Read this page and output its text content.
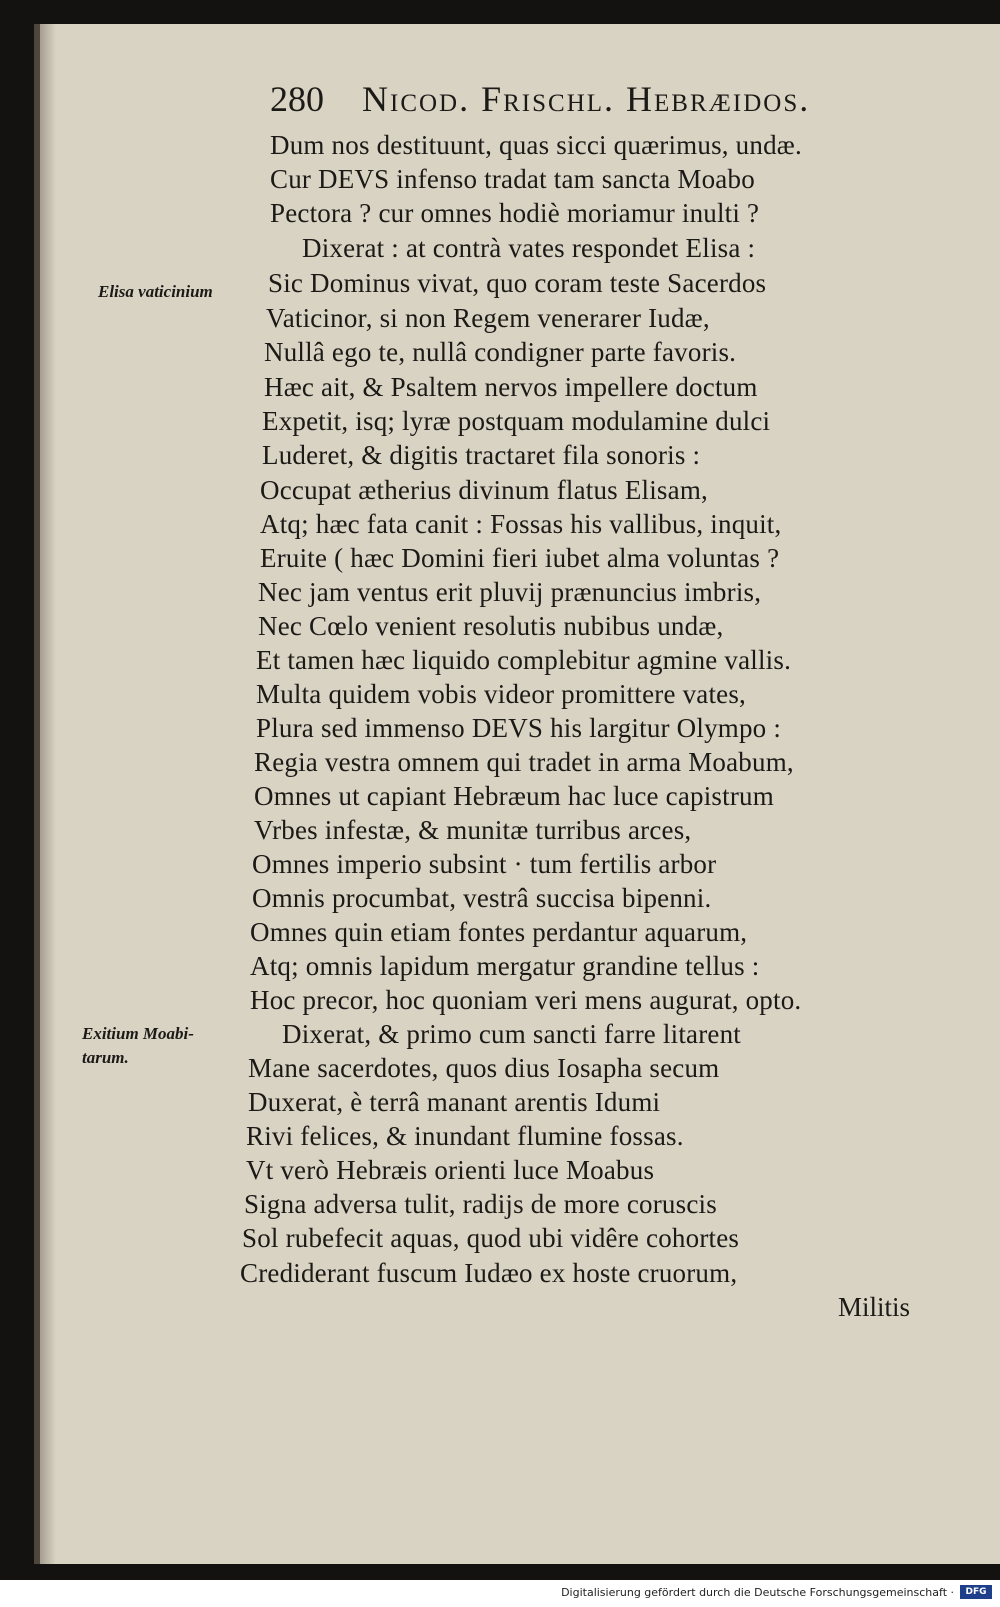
280 Nicod. Frischl. Hebræidos.
Dum nos destituunt, quas sicci quærimus, undæ.
Cur DEVS infenso tradat tam sancta Moabo
Pectora ? cur omnes hodiè moriamur inulti ?
Dixerat : at contrà vates respondet Elisa :
Sic Dominus vivat, quo coram teste Sacerdos
Vaticinor, si non Regem venerarer Iudæ,
Nullâ ego te, nullâ condigner parte favoris.
Hæc ait, & Psaltem nervos impellere doctum
Expetit, isq; lyræ postquam modulamine dulci
Luderet, & digitis tractaret fila sonoris :
Occupat ætherius divinum flatus Elisam,
Atq; hæc fata canit : Fossas his vallibus, inquit,
Eruite ( hæc Domini fieri iubet alma voluntas ?
Nec jam ventus erit pluvij prænuncius imbris,
Nec Cœlo venient resolutis nubibus undæ,
Et tamen hæc liquido complebitur agmine vallis.
Multa quidem vobis videor promittere vates,
Plura sed immenso DEVS his largitur Olympo :
Regia vestra omnem qui tradet in arma Moabum,
Omnes ut capiant Hebræum hac luce capistrum
Vrbes infestæ, & munitæ turribus arces,
Omnes imperio subsint · tum fertilis arbor
Omnis procumbat, vestrâ succisa bipenni.
Omnes quin etiam fontes perdantur aquarum,
Atq; omnis lapidum mergatur grandine tellus :
Hoc precor, hoc quoniam veri mens augurat, opto.
Dixerat, & primo cum sancti farre litarent
Mane sacerdotes, quos dius Iosapha secum
Duxerat, è terrâ manant arentis Idumi
Rivi felices, & inundant flumine fossas.
Vt verò Hebræis orienti luce Moabus
Signa adversa tulit, radijs de more coruscis
Sol rubefecit aquas, quod ubi vidêre cohortes
Crediderant fuscum Iudæo ex hoste cruorum,
Elisa vaticinium
Exitium Moabi-
tarum.
Militis
Digitalisierung gefördert durch die Deutsche Forschungsgemeinschaft ·	DFG
